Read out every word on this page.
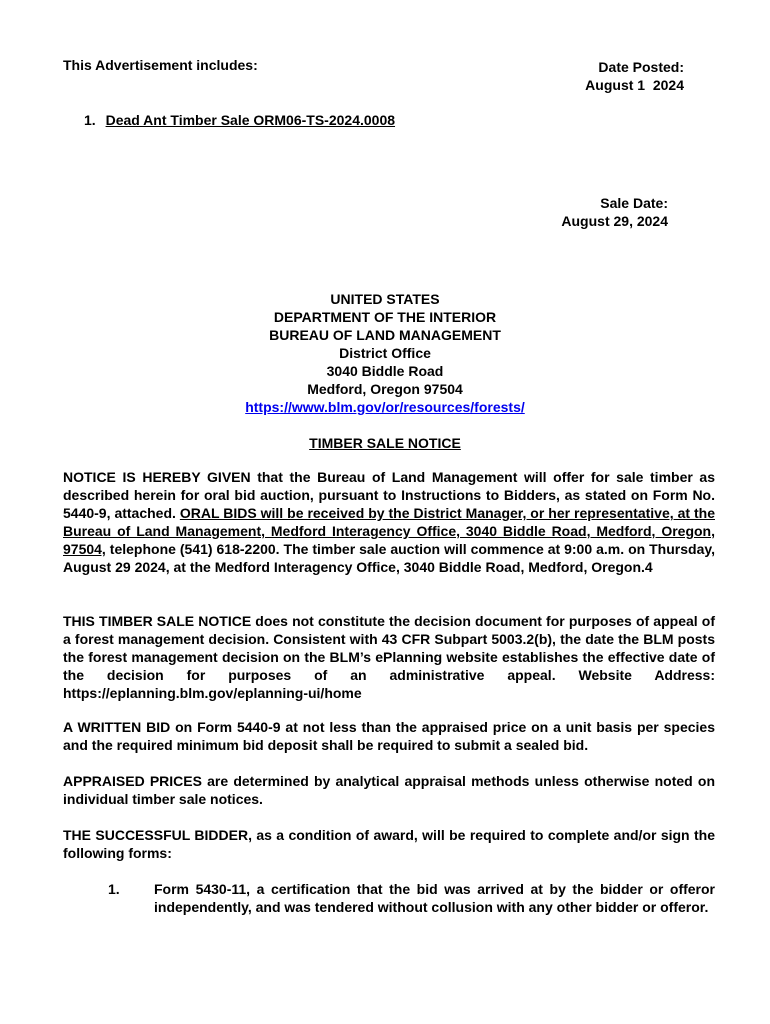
This Advertisement includes:	Date Posted:
August 1  2024
1. Dead Ant Timber Sale ORM06-TS-2024.0008
Sale Date:
August 29, 2024
UNITED STATES
DEPARTMENT OF THE INTERIOR
BUREAU OF LAND MANAGEMENT
District Office
3040 Biddle Road
Medford, Oregon 97504
https://www.blm.gov/or/resources/forests/
TIMBER SALE NOTICE
NOTICE IS HEREBY GIVEN that the Bureau of Land Management will offer for sale timber as described herein for oral bid auction, pursuant to Instructions to Bidders, as stated on Form No. 5440-9, attached. ORAL BIDS will be received by the District Manager, or her representative, at the Bureau of Land Management, Medford Interagency Office, 3040 Biddle Road, Medford, Oregon, 97504, telephone (541) 618-2200. The timber sale auction will commence at 9:00 a.m. on Thursday, August 29 2024, at the Medford Interagency Office, 3040 Biddle Road, Medford, Oregon.4
THIS TIMBER SALE NOTICE does not constitute the decision document for purposes of appeal of a forest management decision. Consistent with 43 CFR Subpart 5003.2(b), the date the BLM posts the forest management decision on the BLM’s ePlanning website establishes the effective date of the decision for purposes of an administrative appeal. Website Address: https://eplanning.blm.gov/eplanning-ui/home
A WRITTEN BID on Form 5440-9 at not less than the appraised price on a unit basis per species and the required minimum bid deposit shall be required to submit a sealed bid.
APPRAISED PRICES are determined by analytical appraisal methods unless otherwise noted on individual timber sale notices.
THE SUCCESSFUL BIDDER, as a condition of award, will be required to complete and/or sign the following forms:
1. Form 5430-11, a certification that the bid was arrived at by the bidder or offeror independently, and was tendered without collusion with any other bidder or offeror.
